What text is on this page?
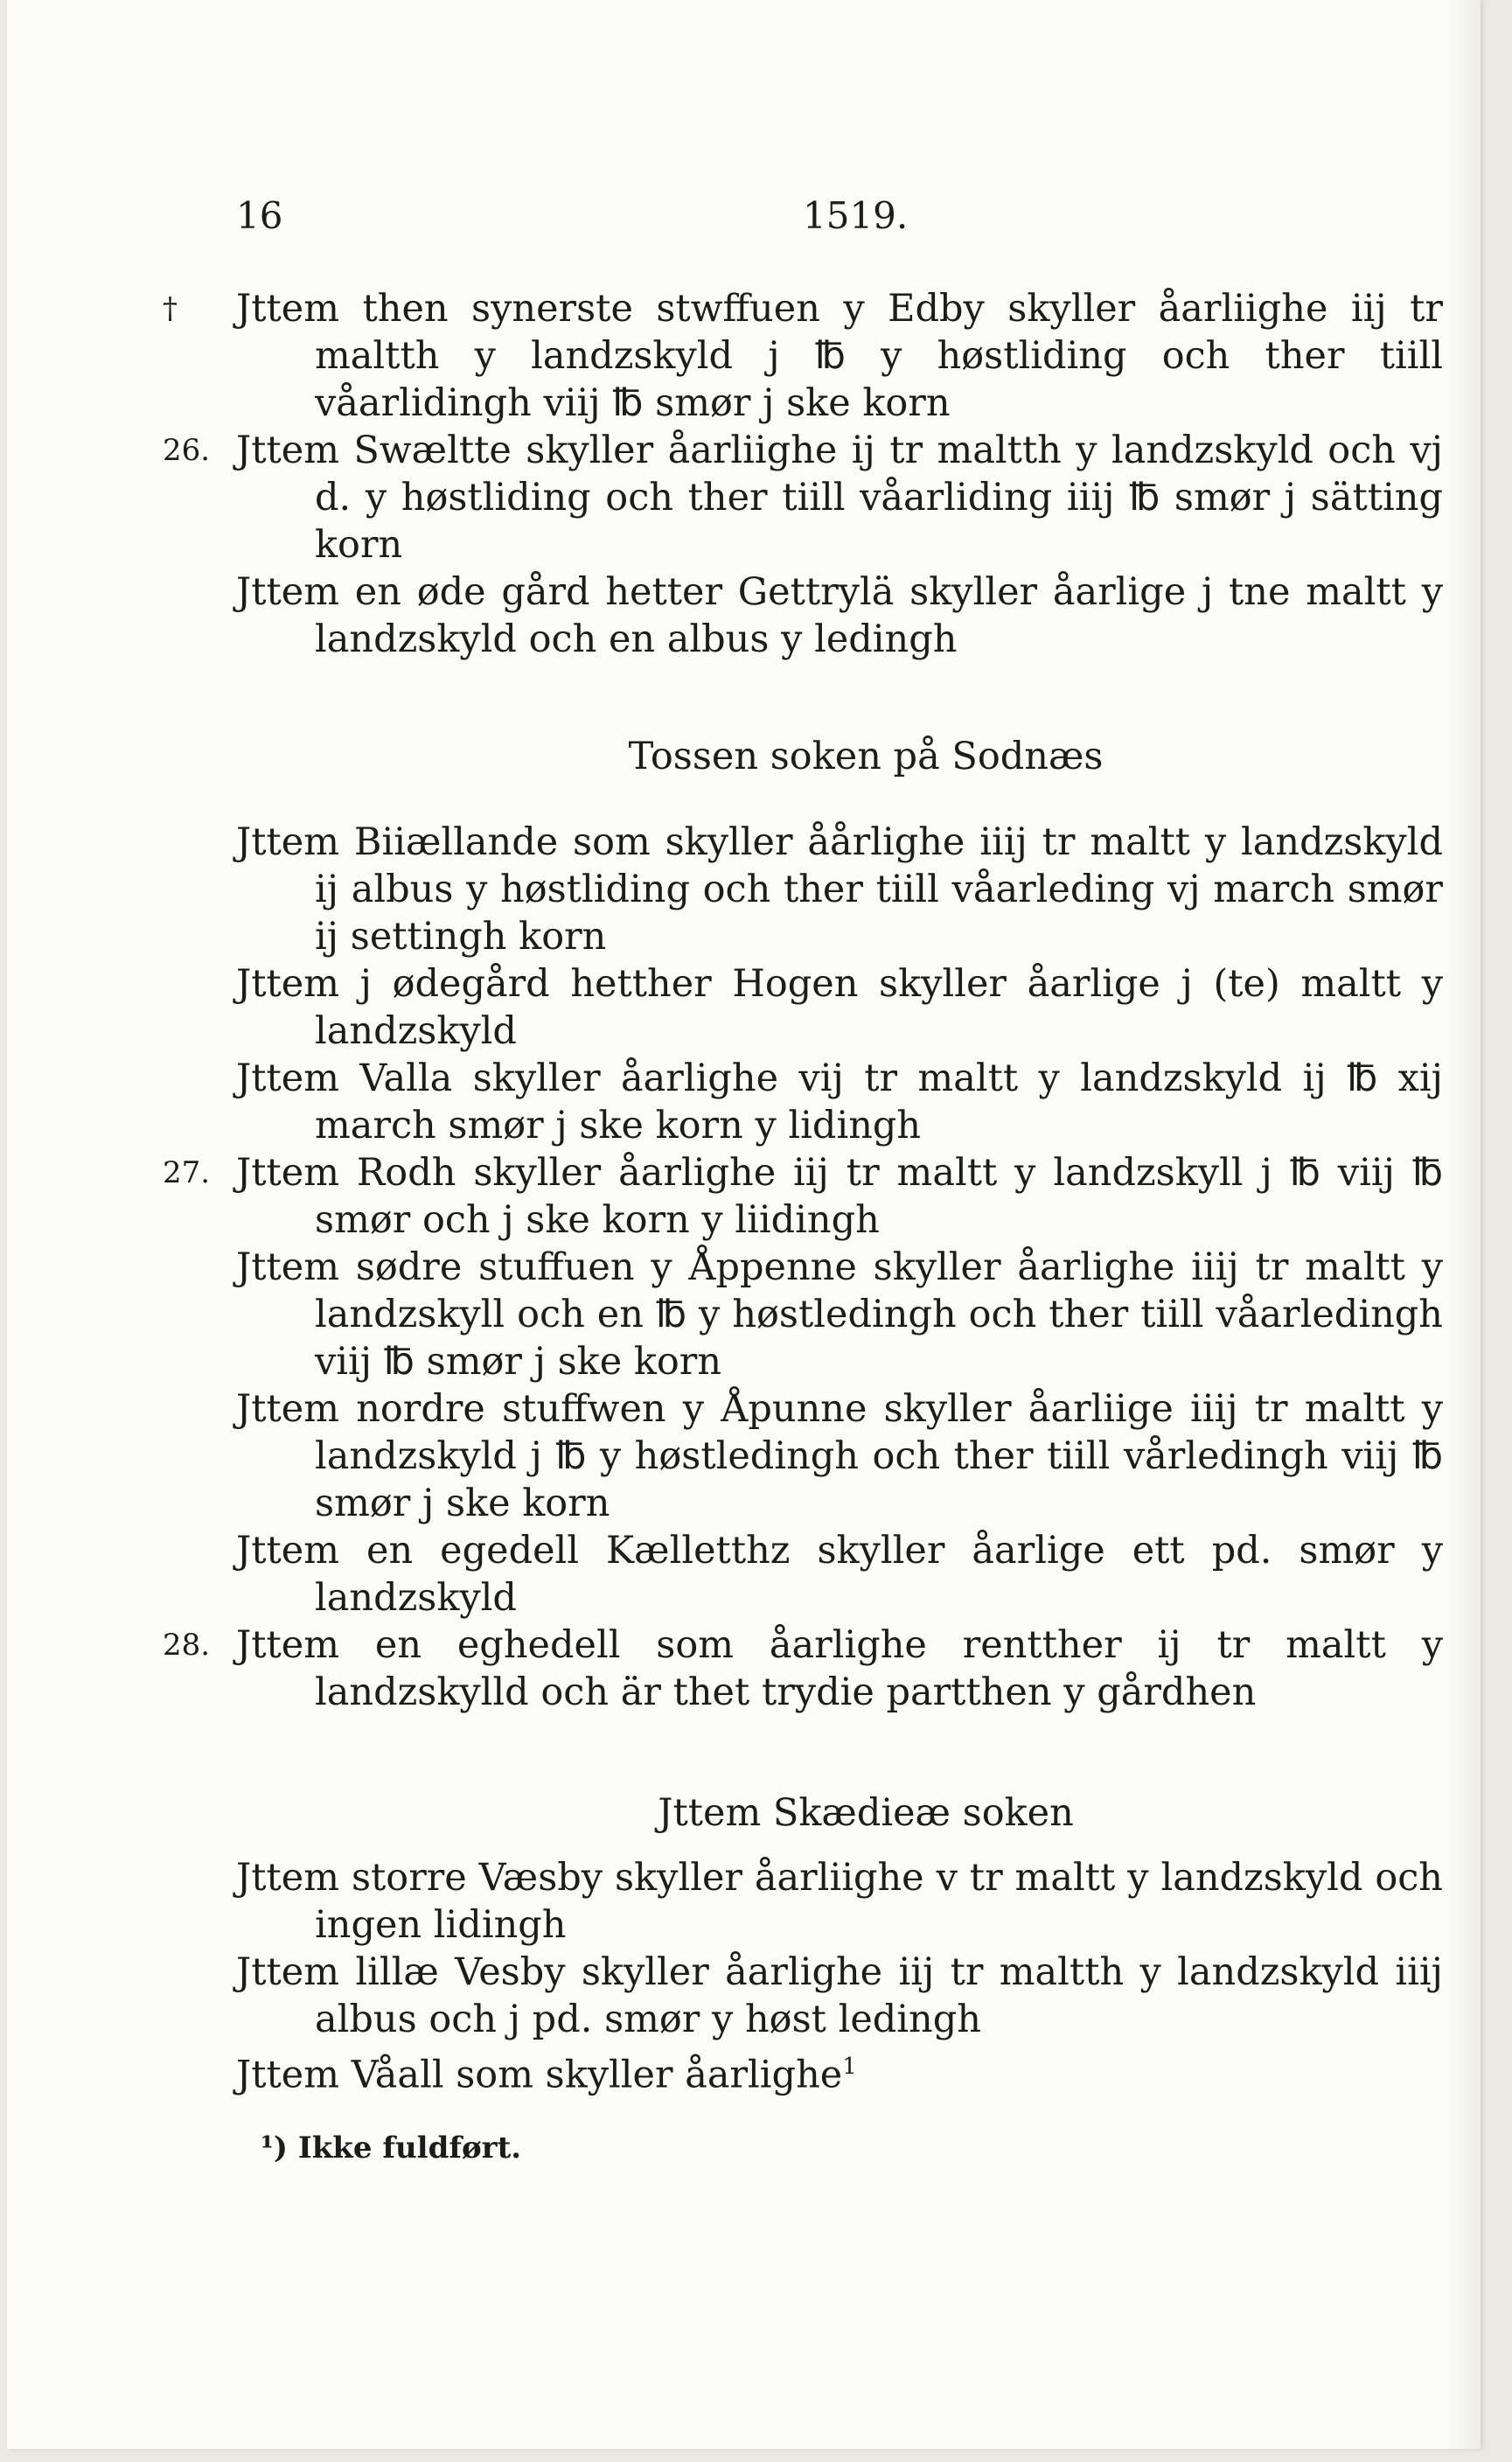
16	1519.
† Jttem then synerste stwffuen y Edby skyller åarliighe iij tr maltth y landzskyld j ℔ y høstliding och ther tiill våarlidingh viij ℔ smør j ske korn
26. Jttem Swæltte skyller åarliighe ij tr maltth y landzskyld och vj d. y høstliding och ther tiill våarliding iiij ℔ smør j sätting korn
Jttem en øde gård hetter Gettrylä skyller åarlige j tne maltt y landzskyld och en albus y ledingh
Tossen soken på Sodnæs
Jttem Biiællande som skyller åårlighe iiij tr maltt y landzskyld ij albus y høstliding och ther tiill våarleding vj march smør ij settingh korn
Jttem j ødegård hetther Hogen skyller åarlige j (te) maltt y landzskyld
Jttem Valla skyller åarlighe vij tr maltt y landzskyld ij ℔ xij march smør j ske korn y lidingh
27. Jttem Rodh skyller åarlighe iij tr maltt y landzskyll j ℔ viij ℔ smør och j ske korn y liidingh
Jttem sødre stuffuen y Åppenne skyller åarlighe iiij tr maltt y landzskyll och en ℔ y høstledingh och ther tiill våarledingh viij ℔ smør j ske korn
Jttem nordre stuffwen y Åpunne skyller åarliige iiij tr maltt y landzskyld j ℔ y høstledingh och ther tiill vårledingh viij ℔ smør j ske korn
Jttem en egedell Kælletthz skyller åarlige ett pd. smør y landzskyld
28. Jttem en eghedell som åarlighe rentther ij tr maltt y landzskylld och är thet trydie partthen y gårdhen
Jttem Skædieæ soken
Jttem storre Væsby skyller åarliighe v tr maltt y landzskyld och ingen lidingh
Jttem lillæ Vesby skyller åarlighe iij tr maltth y landzskyld iiij albus och j pd. smør y høst ledingh
Jttem Våall som skyller åarlighe$^1$
¹) Ikke fuldført.
